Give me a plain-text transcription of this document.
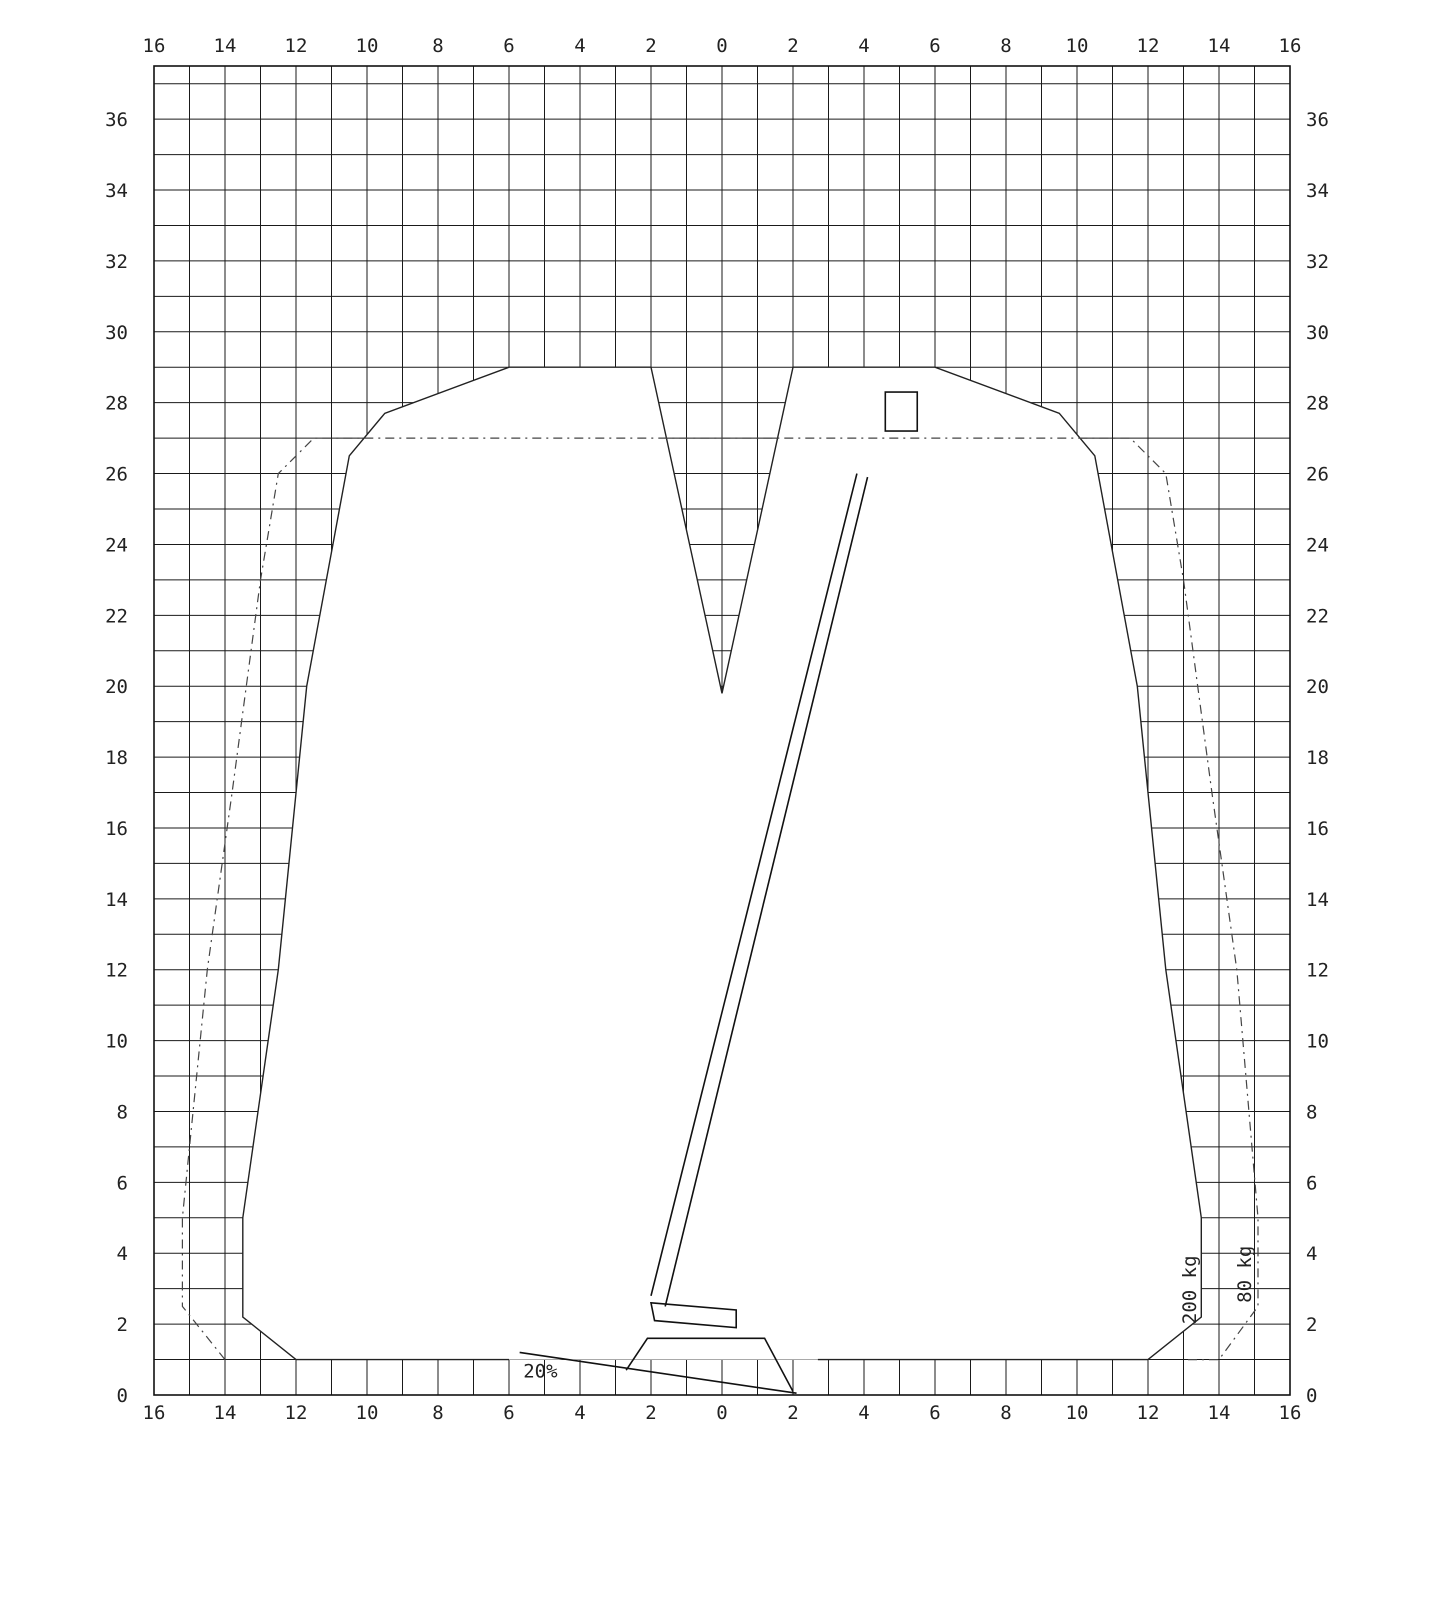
16
16
14
14
12
12
10
10
8
8
6
6
4
4
2
2
0
0
2
2
4
4
6
6
8
8
10
10
12
12
14
14
16
16
0	0
2	2
4	4
6	6
8	8
10	10
12	12
14	14
16	16
18	18
20	20
22	22
24	24
26	26
28	28
30	30
32	32
34	34
36	36
200 kg 80 kg
20%
